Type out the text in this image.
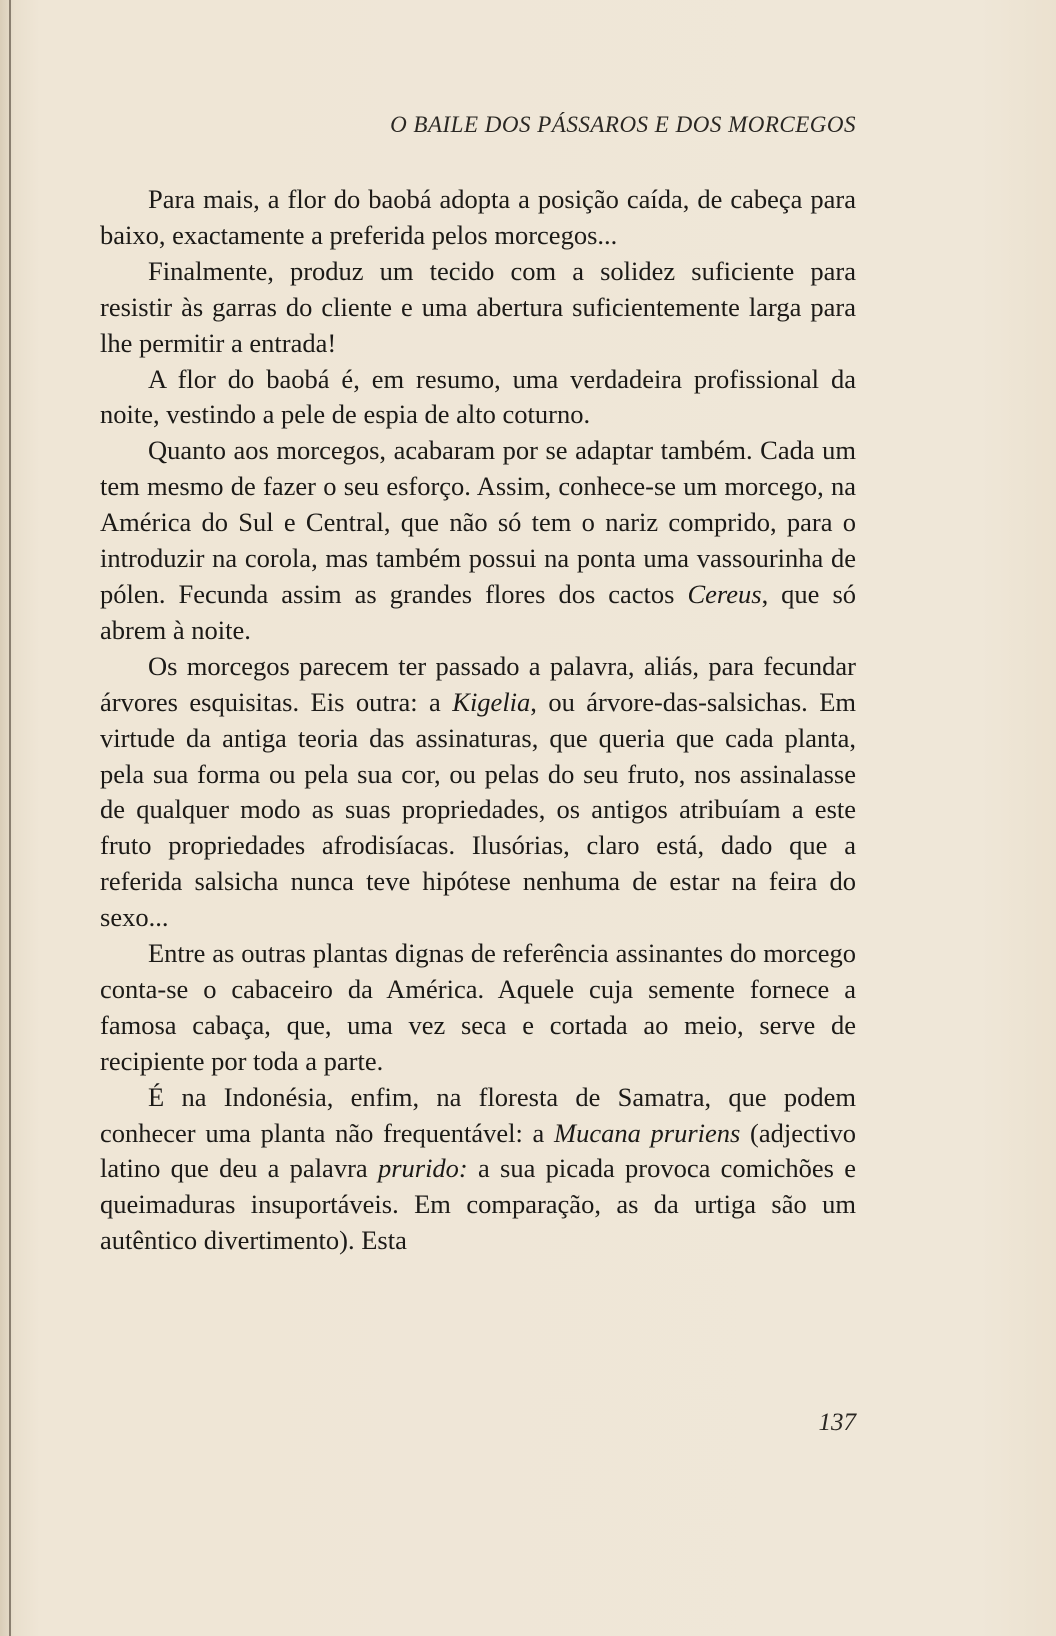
O BAILE DOS PÁSSAROS E DOS MORCEGOS

Para mais, a flor do baobá adopta a posição caída, de cabeça para baixo, exactamente a preferida pelos morcegos...

Finalmente, produz um tecido com a solidez suficiente para resistir às garras do cliente e uma abertura suficientemente larga para lhe permitir a entrada!

A flor do baobá é, em resumo, uma verdadeira profissional da noite, vestindo a pele de espia de alto coturno.

Quanto aos morcegos, acabaram por se adaptar também. Cada um tem mesmo de fazer o seu esforço. Assim, conhece-se um morcego, na América do Sul e Central, que não só tem o nariz comprido, para o introduzir na corola, mas também possui na ponta uma vassourinha de pólen. Fecunda assim as grandes flores dos cactos Cereus, que só abrem à noite.

Os morcegos parecem ter passado a palavra, aliás, para fecundar árvores esquisitas. Eis outra: a Kigelia, ou árvore-das-salsichas. Em virtude da antiga teoria das assinaturas, que queria que cada planta, pela sua forma ou pela sua cor, ou pelas do seu fruto, nos assinalasse de qualquer modo as suas propriedades, os antigos atribuíam a este fruto propriedades afrodisíacas. Ilusórias, claro está, dado que a referida salsicha nunca teve hipótese nenhuma de estar na feira do sexo...

Entre as outras plantas dignas de referência assinantes do morcego conta-se o cabaceiro da América. Aquele cuja semente fornece a famosa cabaça, que, uma vez seca e cortada ao meio, serve de recipiente por toda a parte.

É na Indonésia, enfim, na floresta de Samatra, que podem conhecer uma planta não frequentável: a Mucana pruriens (adjectivo latino que deu a palavra prurido: a sua picada provoca comichões e queimaduras insuportáveis. Em comparação, as da urtiga são um autêntico divertimento). Esta

137
